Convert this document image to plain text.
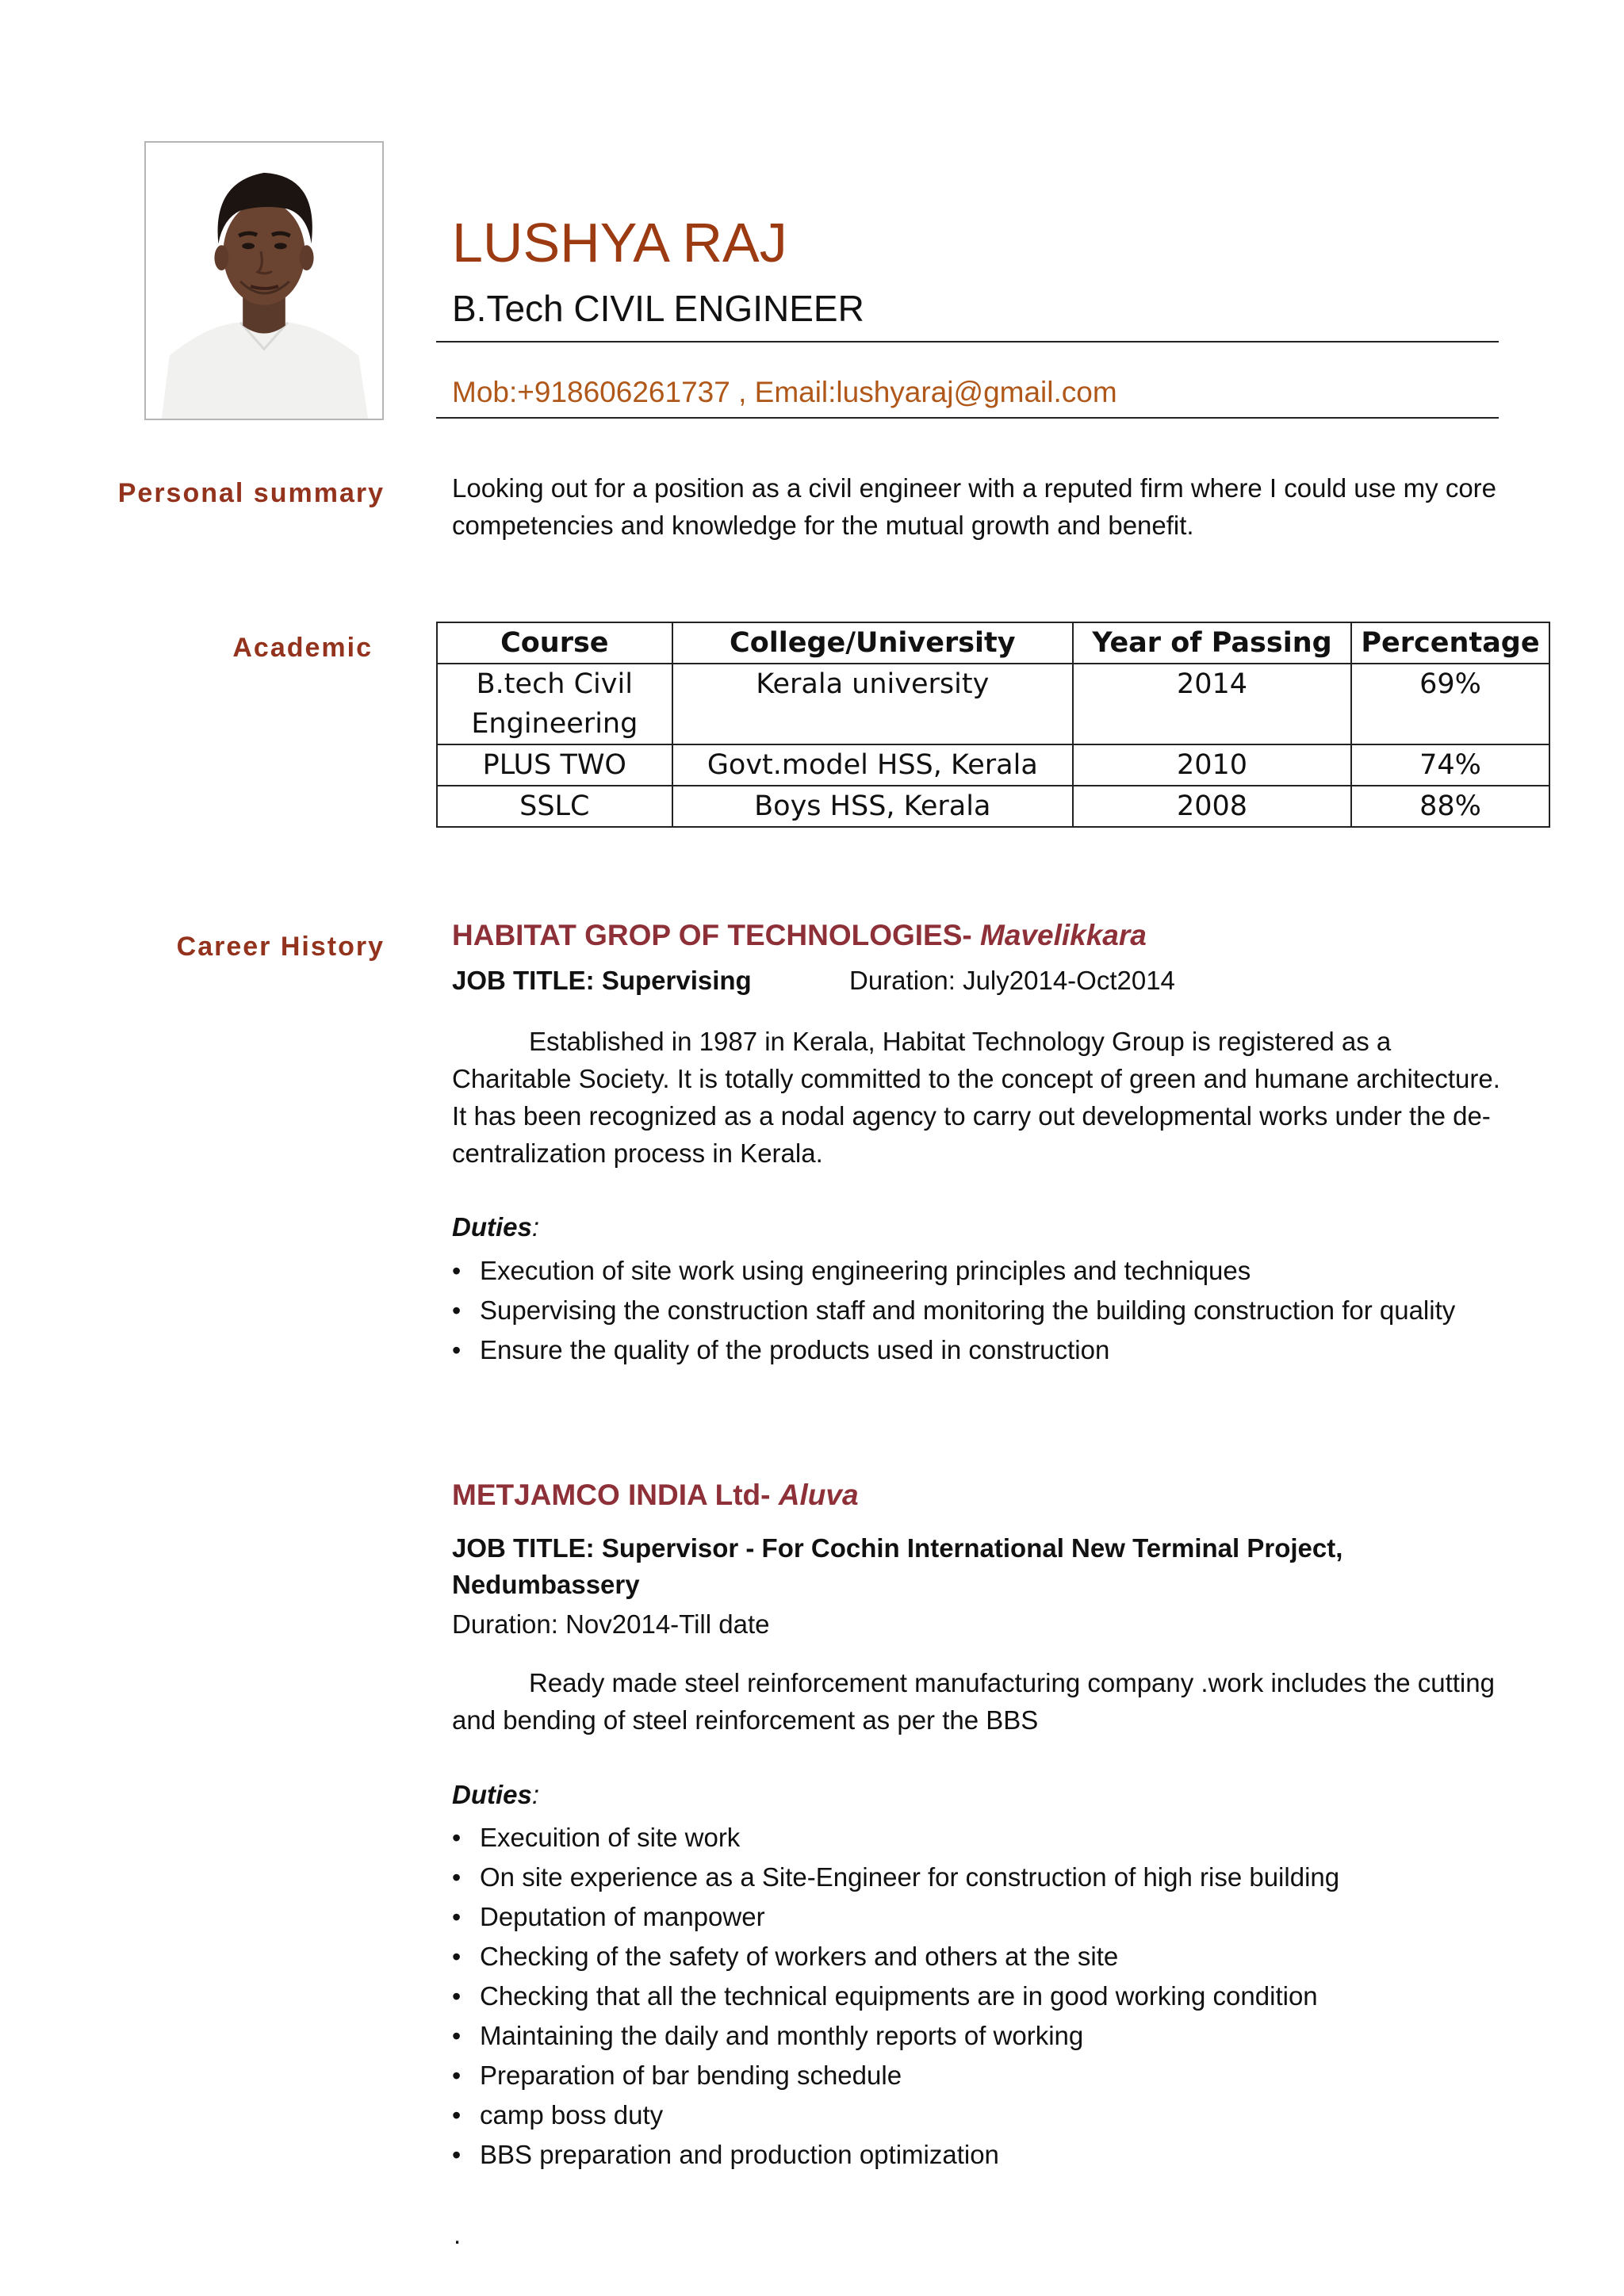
LUSHYA RAJ
B.Tech CIVIL ENGINEER
Mob:+918606261737 , Email:lushyaraj@gmail.com
Personal summary	Looking out for a position as a civil engineer with a reputed firm where I could use my core competencies and knowledge for the mutual growth and benefit.
Academic	Course	College/University	Year of Passing	Percentage
B.tech Civil Engineering	Kerala university	2014	69%
PLUS TWO	Govt.model HSS, Kerala	2010	74%
SSLC	Boys HSS, Kerala	2008	88%
Career History HABITAT GROP OF TECHNOLOGIES- Mavelikkara
JOB TITLE: Supervising	Duration: July2014-Oct2014
Established in 1987 in Kerala, Habitat Technology Group is registered as a Charitable Society. It is totally committed to the concept of green and humane architecture. It has been recognized as a nodal agency to carry out developmental works under the de-centralization process in Kerala.
Duties:
• Execution of site work using engineering principles and techniques
• Supervising the construction staff and monitoring the building construction for quality
• Ensure the quality of the products used in construction
METJAMCO INDIA Ltd- Aluva
JOB TITLE: Supervisor - For Cochin International New Terminal Project, Nedumbassery
Duration: Nov2014-Till date
Ready made steel reinforcement manufacturing company .work includes the cutting and bending of steel reinforcement as per the BBS
Duties:
• Execuition of site work
• On site experience as a Site-Engineer for construction of high rise building
• Deputation of manpower
• Checking of the safety of workers and others at the site
• Checking that all the technical equipments are in good working condition
• Maintaining the daily and monthly reports of working
• Preparation of bar bending schedule
• camp boss duty
• BBS preparation and production optimization
.
